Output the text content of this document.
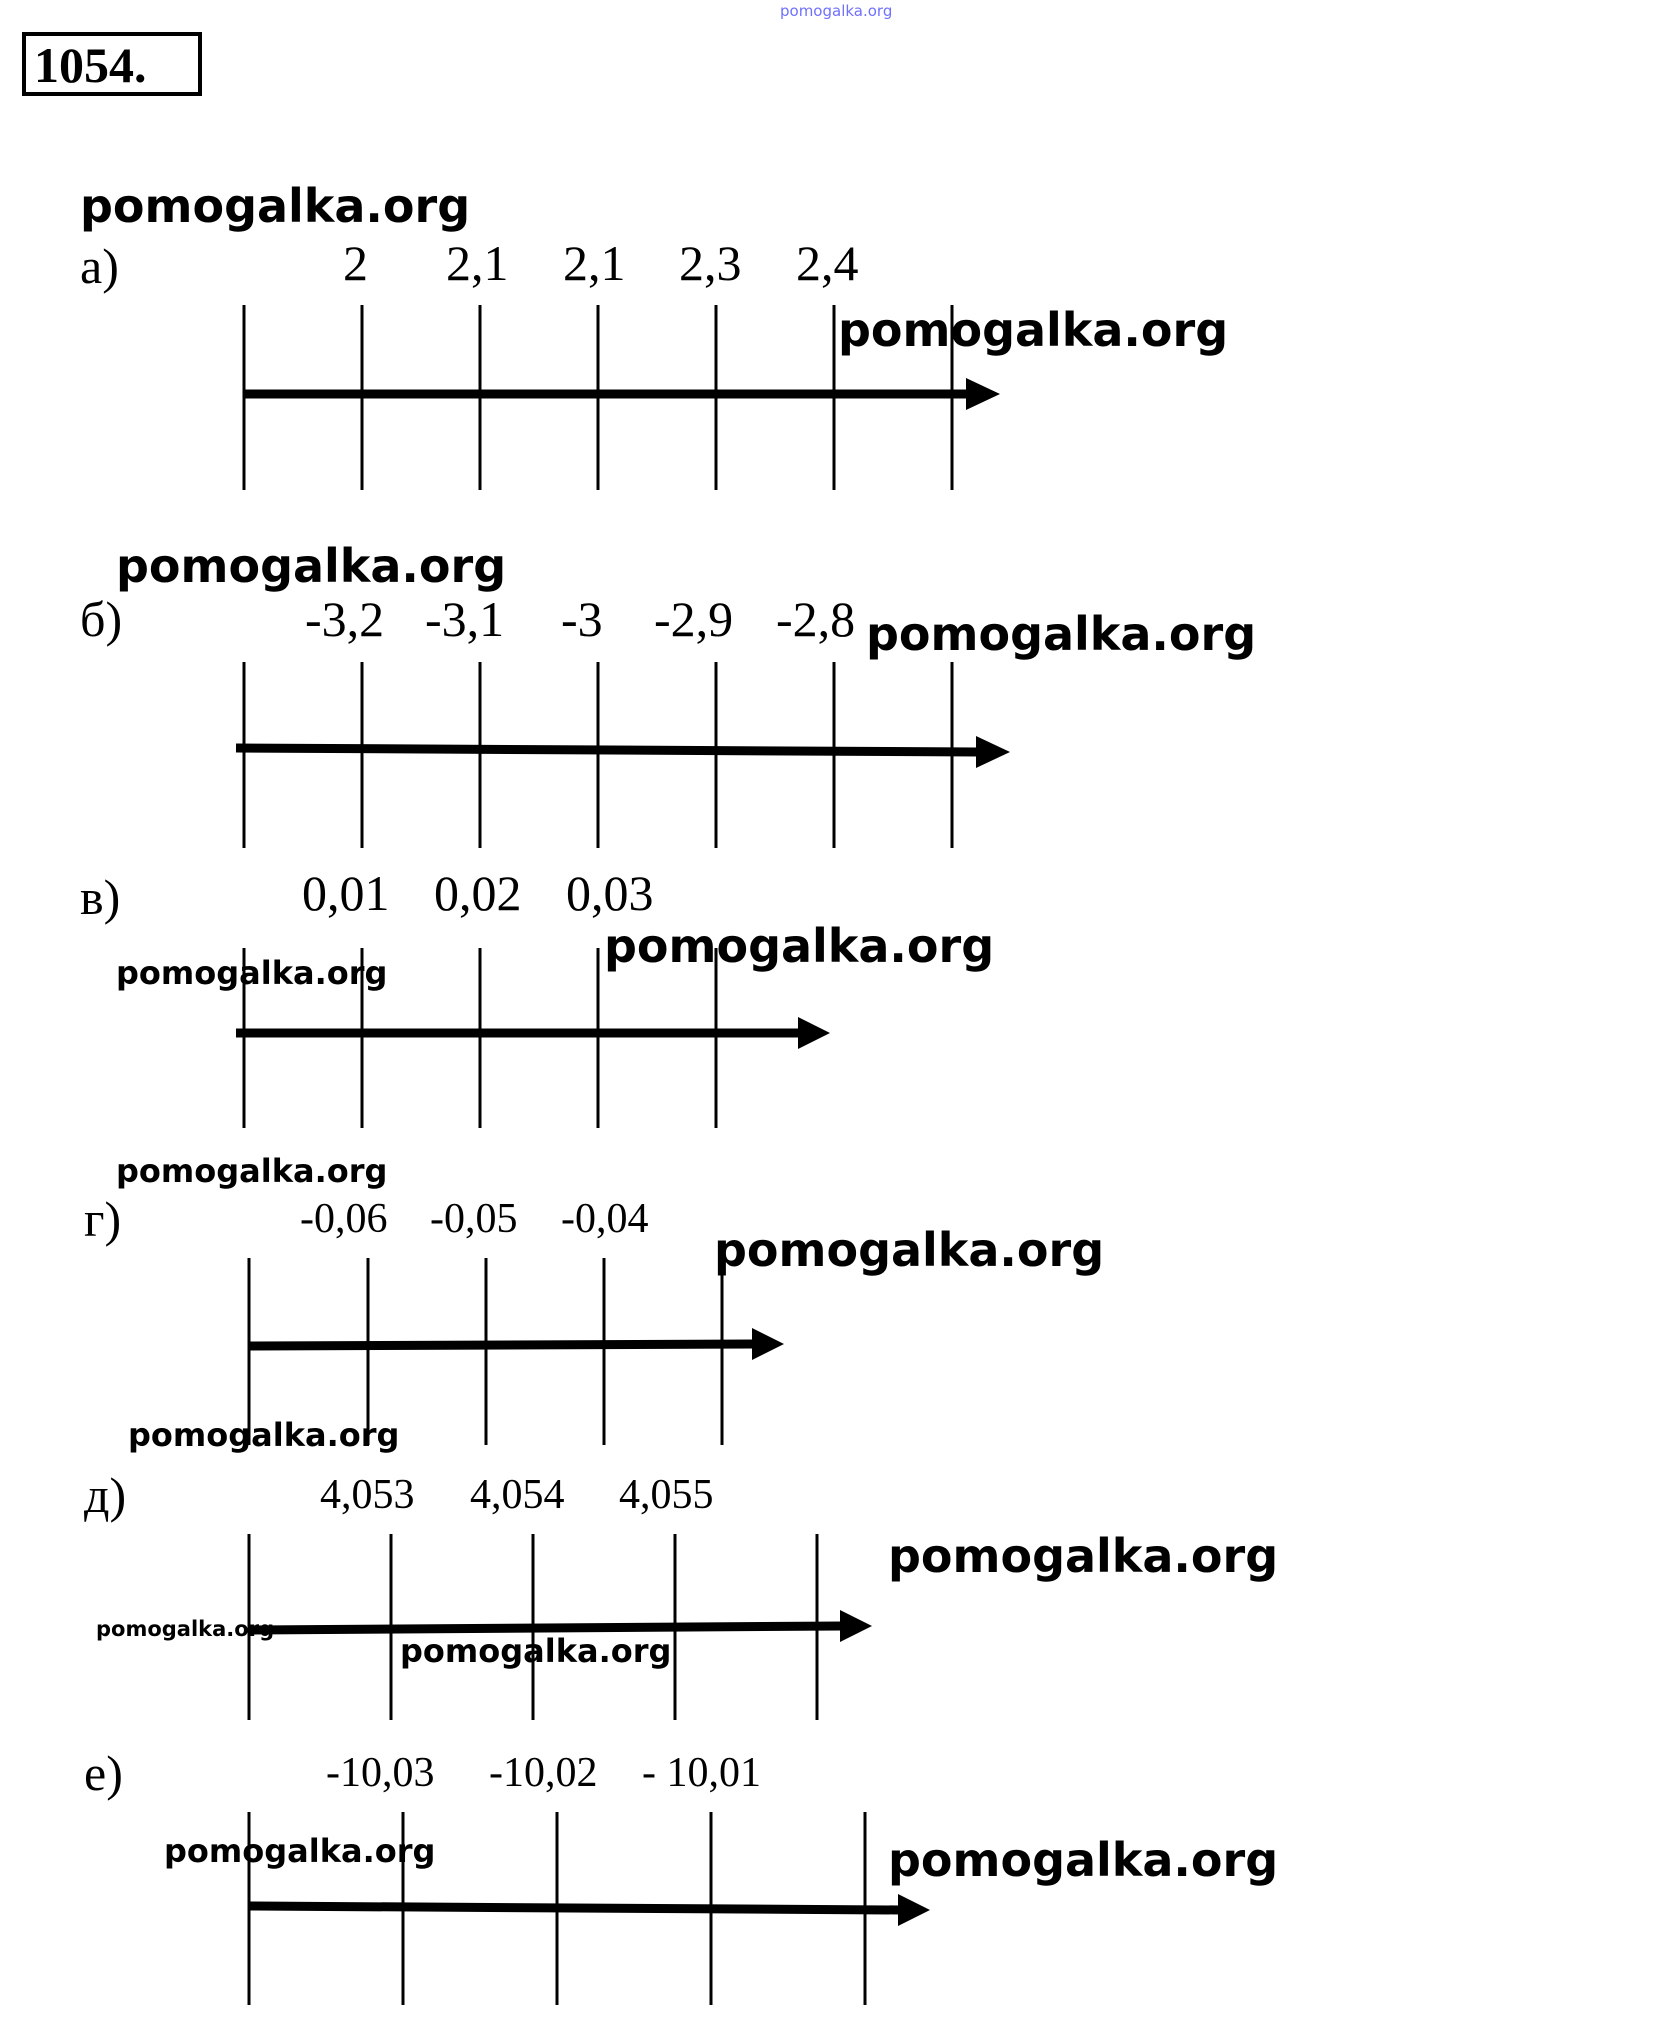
pomogalka.org
1054.
pomogalka.org
а)	2 2,1 2,1 2,3 2,4
pomogalka.org
pomogalka.org
б)	-3,2 -3,1 -3 -2,9 -2,8 pomogalka.org
в)	0,01 0,02 0,03
pomogalka.org	pomogalka.org
pomogalka.org
г)	-0,06 -0,05 -0,04
pomogalka.org
pomogalka.org
д)	4,053 4,054 4,055
pomogalka.org
pomogalka.org
pomogalka.org
е)	-10,03 -10,02 - 10,01
pomogalka.org	pomogalka.org
